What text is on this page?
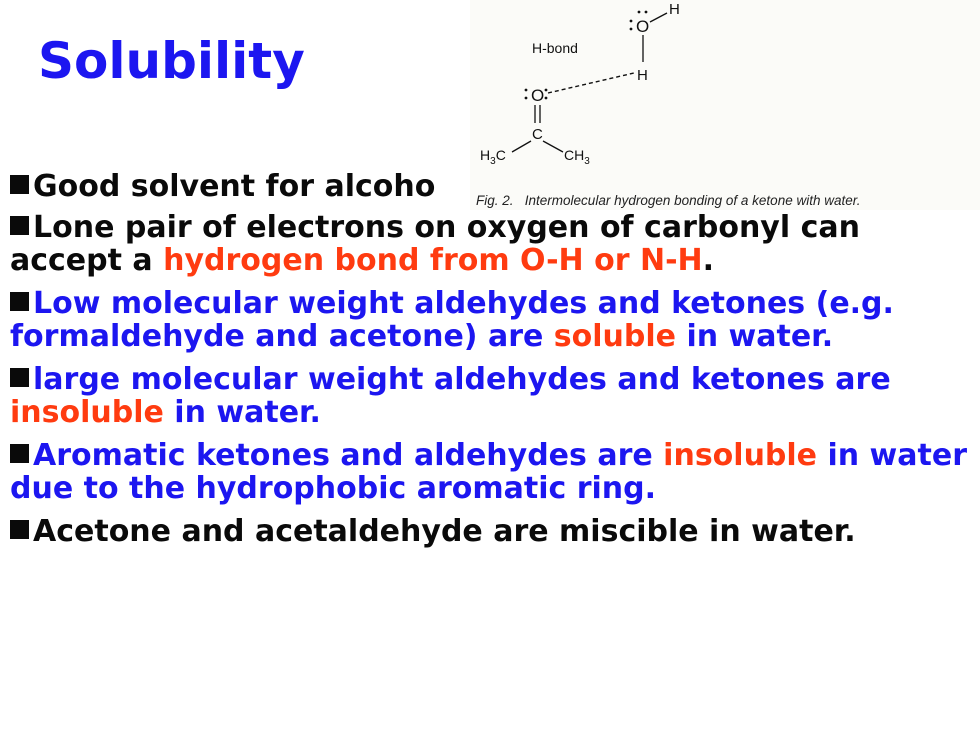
Solubility
O
H
H
H-bond
O
C
$H_3C$	$CH_3$
Fig. 2. Intermolecular hydrogen bonding of a ketone with water.
Good solvent for alcoho
Lone pair of electrons on oxygen of carbonyl can accept a hydrogen bond from O-H or N-H.
Low molecular weight aldehydes and ketones (e.g. formaldehyde and acetone) are soluble in water.
large molecular weight aldehydes and ketones are insoluble in water.
Aromatic ketones and aldehydes are insoluble in water due to the hydrophobic aromatic ring.
Acetone and acetaldehyde are miscible in water.
